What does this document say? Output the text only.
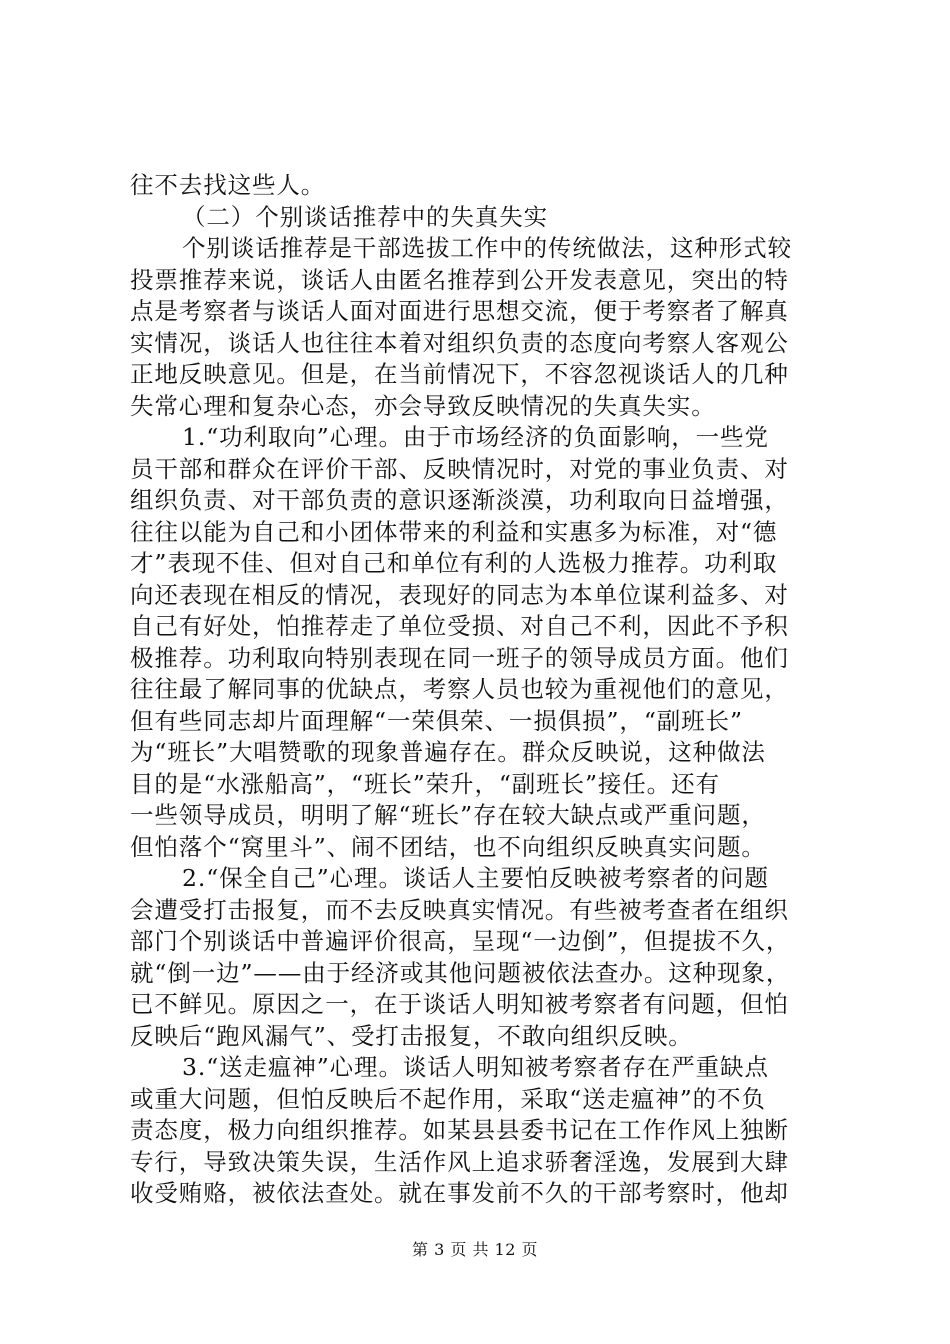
往不去找这些人。
（二）个别谈话推荐中的失真失实
个别谈话推荐是干部选拔工作中的传统做法，这种形式较
投票推荐来说，谈话人由匿名推荐到公开发表意见，突出的特
点是考察者与谈话人面对面进行思想交流，便于考察者了解真
实情况，谈话人也往往本着对组织负责的态度向考察人客观公
正地反映意见。但是，在当前情况下，不容忽视谈话人的几种
失常心理和复杂心态，亦会导致反映情况的失真失实。
1.“功利取向”心理。由于市场经济的负面影响，一些党
员干部和群众在评价干部、反映情况时，对党的事业负责、对
组织负责、对干部负责的意识逐渐淡漠，功利取向日益增强，
往往以能为自己和小团体带来的利益和实惠多为标准，对“德
才”表现不佳、但对自己和单位有利的人选极力推荐。功利取
向还表现在相反的情况，表现好的同志为本单位谋利益多、对
自己有好处，怕推荐走了单位受损、对自己不利，因此不予积
极推荐。功利取向特别表现在同一班子的领导成员方面。他们
往往最了解同事的优缺点，考察人员也较为重视他们的意见，
但有些同志却片面理解“一荣俱荣、一损俱损”，“副班长”
为“班长”大唱赞歌的现象普遍存在。群众反映说，这种做法
目的是“水涨船高”，“班长”荣升，“副班长”接任。还有
一些领导成员，明明了解“班长”存在较大缺点或严重问题，
但怕落个“窝里斗”、闹不团结，也不向组织反映真实问题。
2.“保全自己”心理。谈话人主要怕反映被考察者的问题
会遭受打击报复，而不去反映真实情况。有些被考查者在组织
部门个别谈话中普遍评价很高，呈现“一边倒”，但提拔不久，
就“倒一边”——由于经济或其他问题被依法查办。这种现象，
已不鲜见。原因之一，在于谈话人明知被考察者有问题，但怕
反映后“跑风漏气”、受打击报复，不敢向组织反映。
3.“送走瘟神”心理。谈话人明知被考察者存在严重缺点
或重大问题，但怕反映后不起作用，采取“送走瘟神”的不负
责态度，极力向组织推荐。如某县县委书记在工作作风上独断
专行，导致决策失误，生活作风上追求骄奢淫逸，发展到大肆
收受贿赂，被依法查处。就在事发前不久的干部考察时，他却
第 3 页 共 12 页
